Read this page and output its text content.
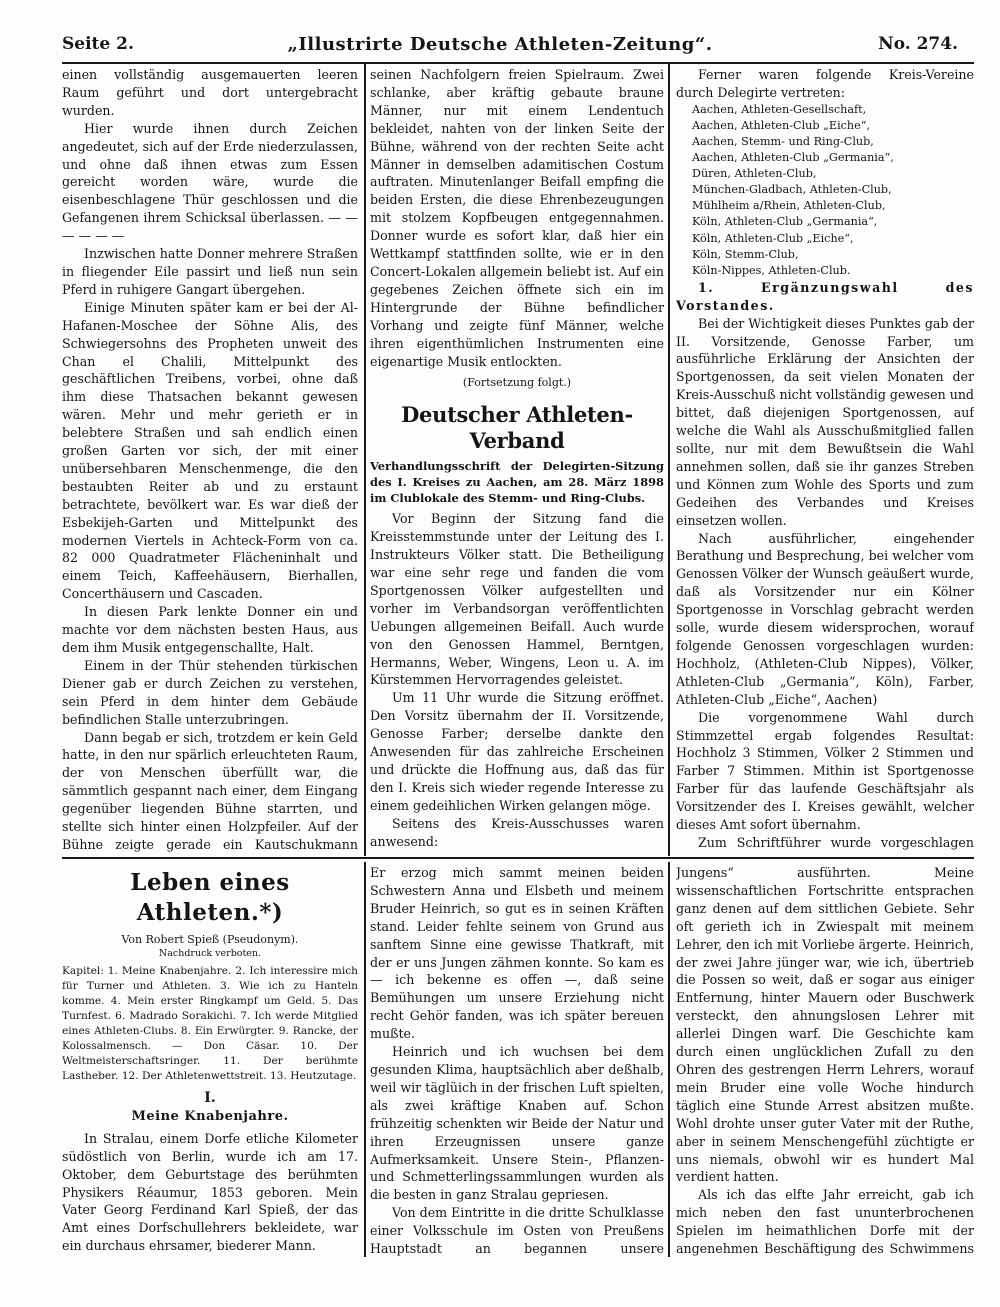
Seite 2.	„Illustrirte Deutsche Athleten-Zeitung“.	No. 274.

einen vollständig ausgemauerten leeren Raum geführt und dort untergebracht wurden.

Hier wurde ihnen durch Zeichen angedeutet, sich auf der Erde niederzulassen, und ohne daß ihnen etwas zum Essen gereicht worden wäre, wurde die eisenbeschlagene Thür geschlossen und die Gefangenen ihrem Schicksal überlassen. — — — — — —

Inzwischen hatte Donner mehrere Straßen in fliegender Eile passirt und ließ nun sein Pferd in ruhigere Gangart übergehen.

Einige Minuten später kam er bei der Al-Hafanen-Moschee der Söhne Alis, des Schwiegersohns des Propheten unweit des Chan el Chalili, Mittelpunkt des geschäftlichen Treibens, vorbei, ohne daß ihm diese Thatsachen bekannt gewesen wären. Mehr und mehr gerieth er in belebtere Straßen und sah endlich einen großen Garten vor sich, der mit einer unübersehbaren Menschenmenge, die den bestaubten Reiter ab und zu erstaunt betrachtete, bevölkert war. Es war dieß der Esbekijeh-Garten und Mittelpunkt des modernen Viertels in Achteck-Form von ca. 82 000 Quadratmeter Flächeninhalt und einem Teich, Kaffeehäusern, Bierhallen, Concerthäusern und Cascaden.

In diesen Park lenkte Donner ein und machte vor dem nächsten besten Haus, aus dem ihm Musik entgegenschallte, Halt.

Einem in der Thür stehenden türkischen Diener gab er durch Zeichen zu verstehen, sein Pferd in dem hinter dem Gebäude befindlichen Stalle unterzubringen.

Dann begab er sich, trotzdem er kein Geld hatte, in den nur spärlich erleuchteten Raum, der von Menschen überfüllt war, die sämmtlich gespannt nach einer, dem Eingang gegenüber liegenden Bühne starrten, und stellte sich hinter einen Holzpfeiler. Auf der Bühne zeigte gerade ein Kautschukmann

seinen Nachfolgern freien Spielraum. Zwei schlanke, aber kräftig gebaute braune Männer, nur mit einem Lendentuch bekleidet, nahten von der linken Seite der Bühne, während von der rechten Seite acht Männer in demselben adamitischen Costum auftraten. Minutenlanger Beifall empfing die beiden Ersten, die diese Ehrenbezeugungen mit stolzem Kopfbeugen entgegennahmen. Donner wurde es sofort klar, daß hier ein Wettkampf stattfinden sollte, wie er in den Concert-Lokalen allgemein beliebt ist. Auf ein gegebenes Zeichen öffnete sich ein im Hintergrunde der Bühne befindlicher Vorhang und zeigte fünf Männer, welche ihren eigenthümlichen Instrumenten eine eigenartige Musik entlockten.

(Fortsetzung folgt.)
Deutscher Athleten-Verband
Verhandlungsschrift der Delegirten-Sitzung des I. Kreises zu Aachen, am 28. März 1898 im Clublokale des Stemm- und Ring-Clubs.

Vor Beginn der Sitzung fand die Kreisstemmstunde unter der Leitung des I. Instrukteurs Völker statt. Die Betheiligung war eine sehr rege und fanden die vom Sportgenossen Völker aufgestellten und vorher im Verbandsorgan veröffentlichten Uebungen allgemeinen Beifall. Auch wurde von den Genossen Hammel, Berntgen, Hermanns, Weber, Wingens, Leon u. A. im Kürstemmen Hervorragendes geleistet.

Um 11 Uhr wurde die Sitzung eröffnet. Den Vorsitz übernahm der II. Vorsitzende, Genosse Farber; derselbe dankte den Anwesenden für das zahlreiche Erscheinen und drückte die Hoffnung aus, daß das für den I. Kreis sich wieder regende Interesse zu einem gedeihlichen Wirken gelangen möge.

Seitens des Kreis-Ausschusses waren anwesend:

Ferner waren folgende Kreis-Vereine durch Delegirte vertreten:

Aachen, Athleten-Gesellschaft,
Aachen, Athleten-Club „Eiche“,
Aachen, Stemm- und Ring-Club,
Aachen, Athleten-Club „Germania“,
Düren, Athleten-Club,
München-Gladbach, Athleten-Club,
Mühlheim a/Rhein, Athleten-Club,
Köln, Athleten-Club „Germania“,
Köln, Athleten-Club „Eiche“,
Köln, Stemm-Club,
Köln-Nippes, Athleten-Club.

1. Ergänzungswahl des Vorstandes.

Bei der Wichtigkeit dieses Punktes gab der II. Vorsitzende, Genosse Farber, um ausführliche Erklärung der Ansichten der Sportgenossen, da seit vielen Monaten der Kreis-Ausschuß nicht vollständig gewesen und bittet, daß diejenigen Sportgenossen, auf welche die Wahl als Ausschußmitglied fallen sollte, nur mit dem Bewußtsein die Wahl annehmen sollen, daß sie ihr ganzes Streben und Können zum Wohle des Sports und zum Gedeihen des Verbandes und Kreises einsetzen wollen.

Nach ausführlicher, eingehender Berathung und Besprechung, bei welcher vom Genossen Völker der Wunsch geäußert wurde, daß als Vorsitzender nur ein Kölner Sportgenosse in Vorschlag gebracht werden solle, wurde diesem widersprochen, worauf folgende Genossen vorgeschlagen wurden: Hochholz, (Athleten-Club Nippes), Völker, Athleten-Club „Germania“, Köln), Farber, Athleten-Club „Eiche“, Aachen)

Die vorgenommene Wahl durch Stimmzettel ergab folgendes Resultat: Hochholz 3 Stimmen, Völker 2 Stimmen und Farber 7 Stimmen. Mithin ist Sportgenosse Farber für das laufende Geschäftsjahr als Vorsitzender des I. Kreises gewählt, welcher dieses Amt sofort übernahm.

Zum Schriftführer wurde vorgeschlagen

Leben eines Athleten.*)
Von Robert Spieß (Pseudonym).
Nachdruck verboten.
Kapitel: 1. Meine Knabenjahre. 2. Ich interessire mich für Turner und Athleten. 3. Wie ich zu Hanteln komme. 4. Mein erster Ringkampf um Geld. 5. Das Turnfest. 6. Madrado Sorakichi. 7. Ich werde Mitglied eines Athleten-Clubs. 8. Ein Erwürgter. 9. Rancke, der Kolossalmensch. — Don Cäsar. 10. Der Weltmeisterschaftsringer. 11. Der berühmte Lastheber. 12. Der Athletenwettstreit. 13. Heutzutage.
I.
Meine Knabenjahre.

In Stralau, einem Dorfe etliche Kilometer südöstlich von Berlin, wurde ich am 17. Oktober, dem Geburtstage des berühmten Physikers Réaumur, 1853 geboren. Mein Vater Georg Ferdinand Karl Spieß, der das Amt eines Dorfschullehrers bekleidete, war ein durchaus ehrsamer, biederer Mann.

Er erzog mich sammt meinen beiden Schwestern Anna und Elsbeth und meinem Bruder Heinrich, so gut es in seinen Kräften stand. Leider fehlte seinem von Grund aus sanftem Sinne eine gewisse Thatkraft, mit der er uns Jungen zähmen konnte. So kam es — ich bekenne es offen —, daß seine Bemühungen um unsere Erziehung nicht recht Gehör fanden, was ich später bereuen mußte.

Heinrich und ich wuchsen bei dem gesunden Klima, hauptsächlich aber deßhalb, weil wir täglüich in der frischen Luft spielten, als zwei kräftige Knaben auf. Schon frühzeitig schenkten wir Beide der Natur und ihren Erzeugnissen unsere ganze Aufmerksamkeit. Unsere Stein-, Pflanzen- und Schmetterlingssammlungen wurden als die besten in ganz Stralau gepriesen.

Von dem Eintritte in die dritte Schulklasse einer Volksschule im Osten von Preußens Hauptstadt an begannen unsere

Jungens“ ausführten. Meine wissenschaftlichen Fortschritte entsprachen ganz denen auf dem sittlichen Gebiete. Sehr oft gerieth ich in Zwiespalt mit meinem Lehrer, den ich mit Vorliebe ärgerte. Heinrich, der zwei Jahre jünger war, wie ich, übertrieb die Possen so weit, daß er sogar aus einiger Entfernung, hinter Mauern oder Buschwerk versteckt, den ahnungslosen Lehrer mit allerlei Dingen warf. Die Geschichte kam durch einen unglücklichen Zufall zu den Ohren des gestrengen Herrn Lehrers, worauf mein Bruder eine volle Woche hindurch täglich eine Stunde Arrest absitzen mußte. Wohl drohte unser guter Vater mit der Ruthe, aber in seinem Menschengefühl züchtigte er uns niemals, obwohl wir es hundert Mal verdient hatten.

Als ich das elfte Jahr erreicht, gab ich mich neben den fast ununterbrochenen Spielen im heimathlichen Dorfe mit der angenehmen Beschäftigung des Schwimmens
